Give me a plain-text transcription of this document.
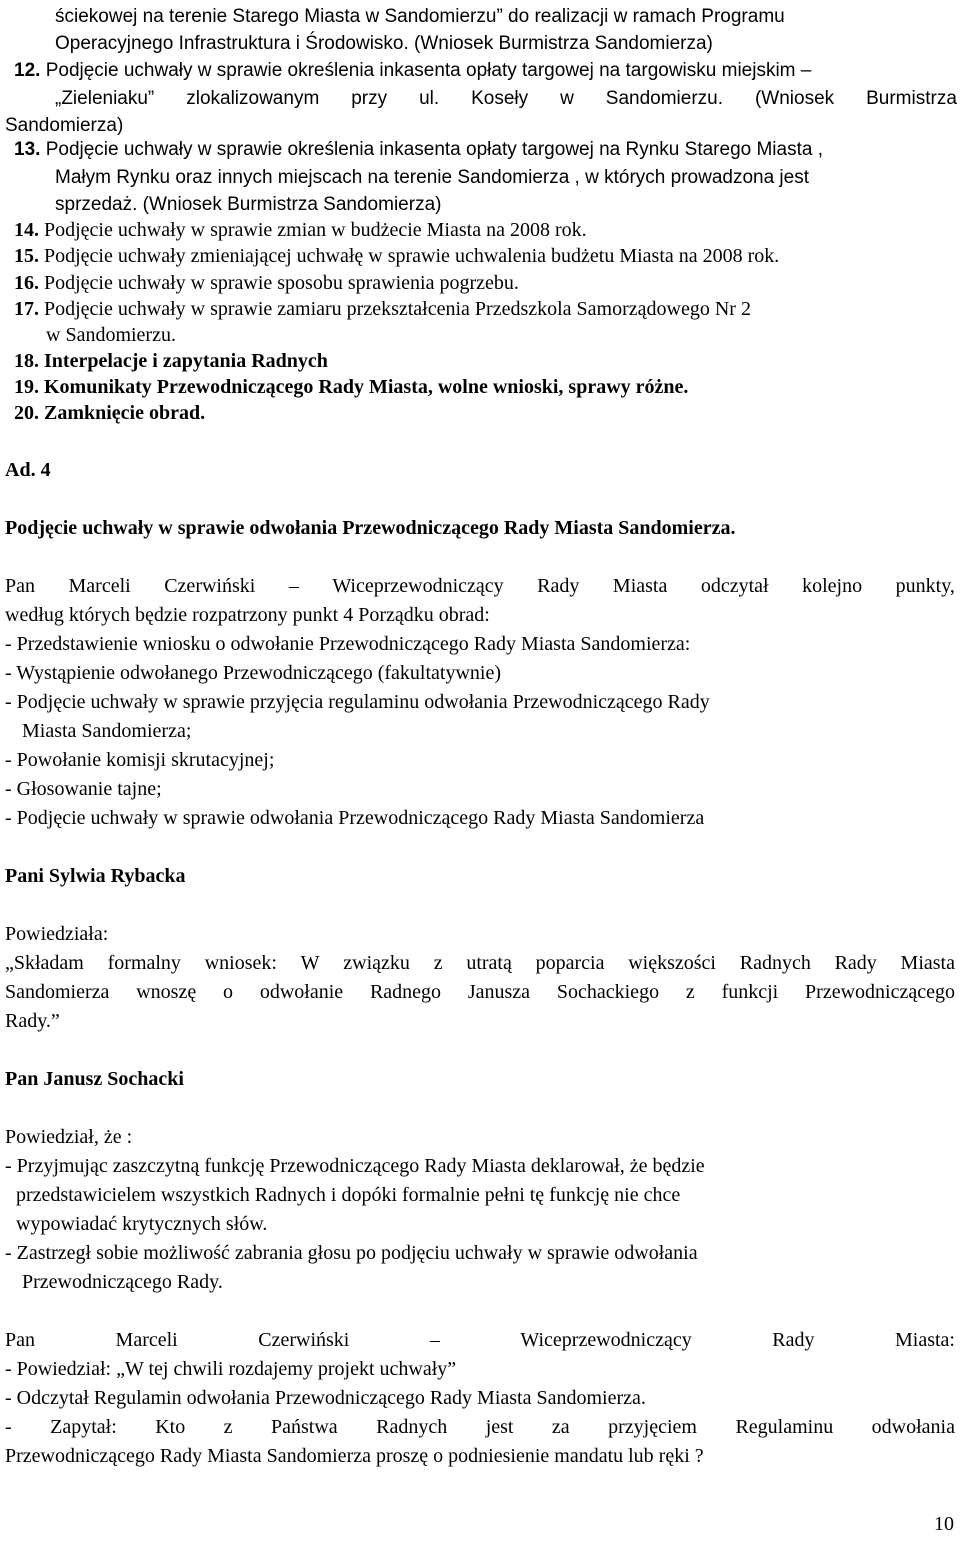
ściekowej na terenie Starego Miasta w Sandomierzu” do realizacji w ramach Programu
Operacyjnego Infrastruktura i Środowisko. (Wniosek Burmistrza Sandomierza)
12. Podjęcie uchwały w sprawie określenia inkasenta opłaty targowej na targowisku miejskim –
„Zieleniaku” zlokalizowanym przy ul. Koseły w Sandomierzu. (Wniosek Burmistrza
Sandomierza)
13. Podjęcie uchwały w sprawie określenia inkasenta opłaty targowej na Rynku Starego Miasta ,
Małym Rynku oraz innych miejscach na terenie Sandomierza , w których prowadzona jest
sprzedaż. (Wniosek Burmistrza Sandomierza)
14. Podjęcie uchwały w sprawie zmian w budżecie Miasta na 2008 rok.
15. Podjęcie uchwały zmieniającej uchwałę w sprawie uchwalenia budżetu Miasta na 2008 rok.
16. Podjęcie uchwały w sprawie sposobu sprawienia pogrzebu.
17. Podjęcie uchwały w sprawie zamiaru przekształcenia Przedszkola Samorządowego Nr 2
w Sandomierzu.
18. Interpelacje i zapytania Radnych
19. Komunikaty Przewodniczącego Rady Miasta, wolne wnioski, sprawy różne.
20. Zamknięcie obrad.
Ad. 4
Podjęcie uchwały w sprawie odwołania Przewodniczącego Rady Miasta Sandomierza.
Pan Marceli Czerwiński – Wiceprzewodniczący Rady Miasta odczytał kolejno punkty,
według których będzie rozpatrzony punkt 4 Porządku obrad:
- Przedstawienie wniosku o odwołanie Przewodniczącego Rady Miasta Sandomierza:
- Wystąpienie odwołanego Przewodniczącego (fakultatywnie)
- Podjęcie uchwały w sprawie przyjęcia regulaminu odwołania Przewodniczącego Rady
Miasta Sandomierza;
- Powołanie komisji skrutacyjnej;
- Głosowanie tajne;
- Podjęcie uchwały w sprawie odwołania Przewodniczącego Rady Miasta Sandomierza
Pani Sylwia Rybacka
Powiedziała:
„Składam formalny wniosek: W związku z utratą poparcia większości Radnych Rady Miasta
Sandomierza wnoszę o odwołanie Radnego Janusza Sochackiego z funkcji Przewodniczącego
Rady.”
Pan Janusz Sochacki
Powiedział, że :
- Przyjmując zaszczytną funkcję Przewodniczącego Rady Miasta deklarował, że będzie
przedstawicielem wszystkich Radnych i dopóki formalnie pełni tę funkcję nie chce
wypowiadać krytycznych słów.
- Zastrzegł sobie możliwość zabrania głosu po podjęciu uchwały w sprawie odwołania
Przewodniczącego Rady.
Pan	Marceli	Czerwiński	–	Wiceprzewodniczący	Rady	Miasta:
- Powiedział: „W tej chwili rozdajemy projekt uchwały”
- Odczytał Regulamin odwołania Przewodniczącego Rady Miasta Sandomierza.
- Zapytał: Kto z Państwa Radnych jest za przyjęciem Regulaminu odwołania
Przewodniczącego Rady Miasta Sandomierza proszę o podniesienie mandatu lub ręki ?
10
